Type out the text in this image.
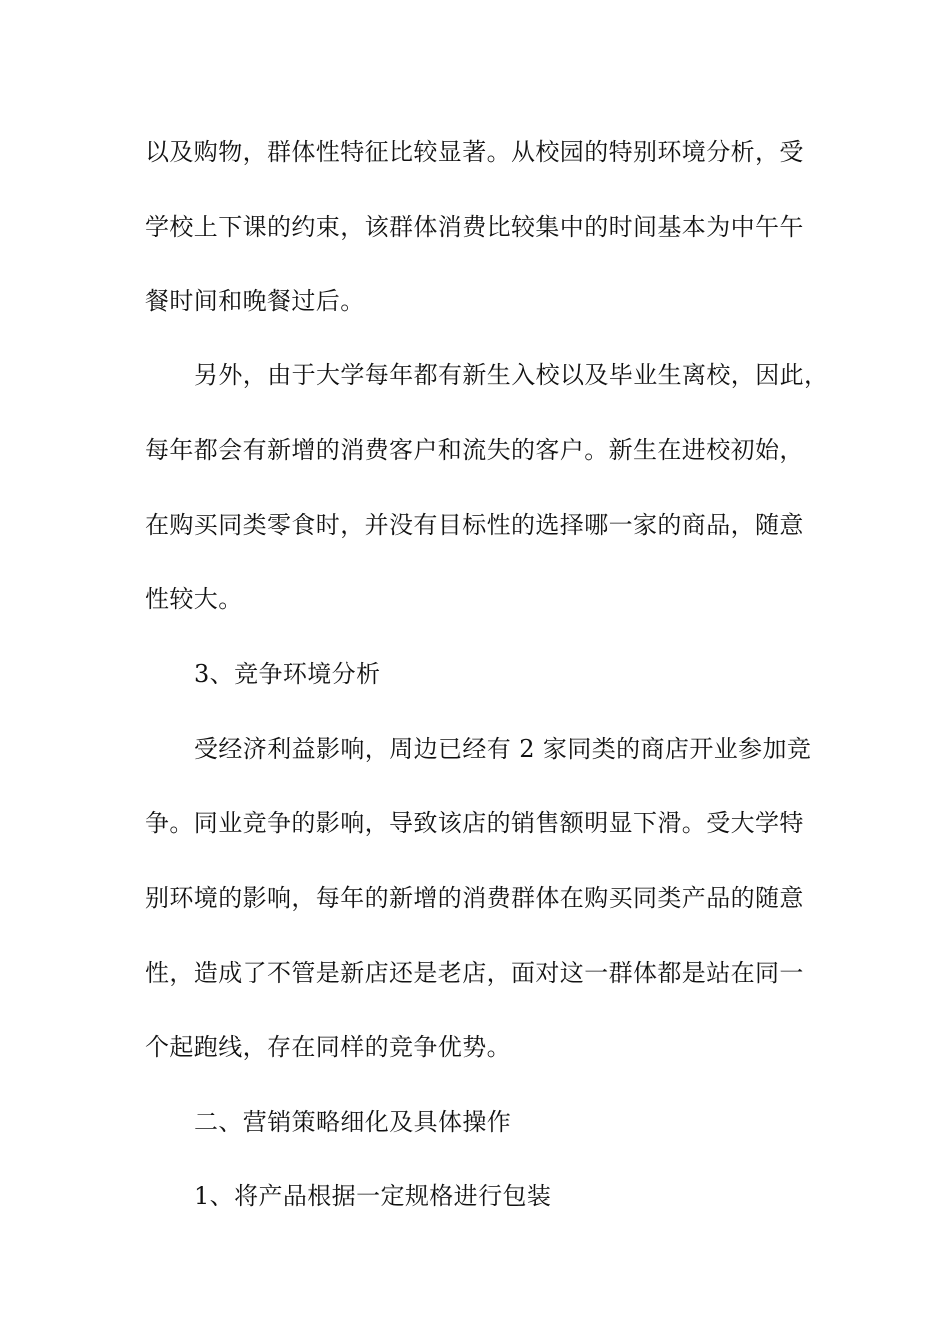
以及购物，群体性特征比较显著。从校园的特别环境分析，受
学校上下课的约束，该群体消费比较集中的时间基本为中午午
餐时间和晚餐过后。
另外，由于大学每年都有新生入校以及毕业生离校，因此，
每年都会有新增的消费客户和流失的客户。新生在进校初始，
在购买同类零食时，并没有目标性的选择哪一家的商品，随意
性较大。
3、竞争环境分析
受经济利益影响，周边已经有 2 家同类的商店开业参加竞
争。同业竞争的影响，导致该店的销售额明显下滑。受大学特
别环境的影响，每年的新增的消费群体在购买同类产品的随意
性，造成了不管是新店还是老店，面对这一群体都是站在同一
个起跑线，存在同样的竞争优势。
二、营销策略细化及具体操作
1、将产品根据一定规格进行包装
